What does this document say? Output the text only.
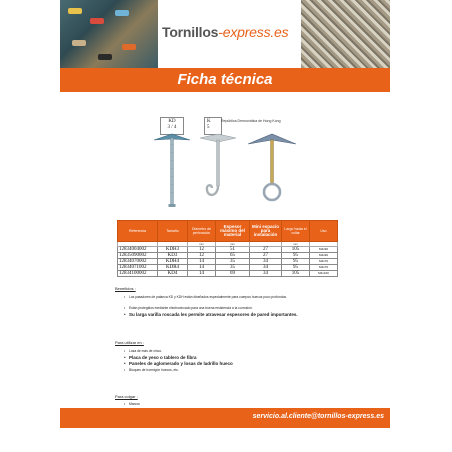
Tornillos-express.es
Ficha técnica
KD
3 / 4
K
5
República Democrática de Hong Kong
Referencia	Tamaño	Diámetro de perforación	Espesor máximo del material	Mini espacio para instalación	Largo hasta el collar	Uso
		mm	mm		mm	
12834004002	KDH3	12	51	27	105	M4x90
12835090002	KD3	12	65	27	95	M4x90
12834070002	KDH4	14	35	34	95	M4x70
12834071002	KDR4	14	35	34	95	M4x70
12834100002	KD4	14	69	34	105	M4x100
Beneficios :
• Los pasadores de palanca KD y KDH están diseñados especialmente para cuerpos huecos poco profundos.
• Están protegidos mediante electrocincado para una buena resistencia a la corrosión.
• Su larga varilla roscada les permite atravesar espesores de pared importantes.
Para utilizar en :
• Losa de más de cinco.
• Placa de yeso o tablero de fibra
• Paneles de aglomerado y losas de ladrillo hueco
• Bloques de hormigón huecos, etc.
Para colgar :
• Marcos
•
servicio.al.cliente@tornillos-express.es
